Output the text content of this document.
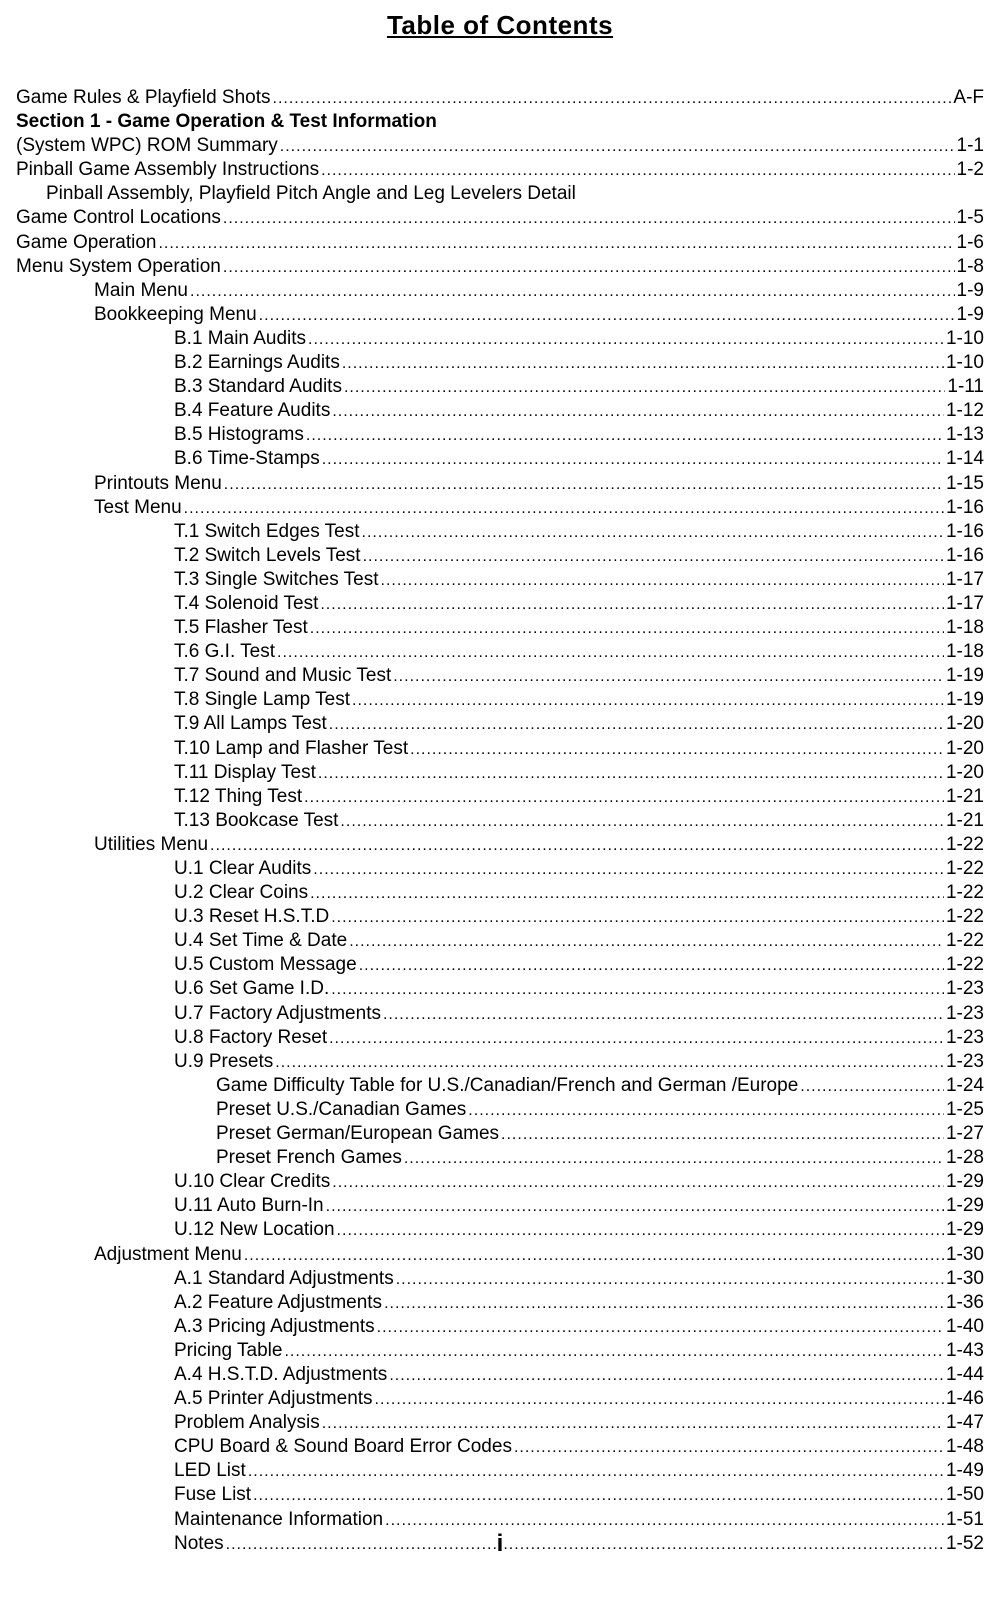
Table of Contents
Game Rules & Playfield Shots .....	A-F
Section 1 - Game Operation & Test Information
(System WPC) ROM Summary .....	1-1
Pinball Game Assembly Instructions .....	1-2
Pinball Assembly, Playfield Pitch Angle and Leg Levelers Detail
Game Control Locations .....	1-5
Game Operation .....	1-6
Menu System Operation .....	1-8
Main Menu .....	1-9
Bookkeeping Menu .....	1-9
B.1 Main Audits .....	1-10
B.2 Earnings Audits .....	1-10
B.3 Standard Audits .....	1-11
B.4 Feature Audits .....	1-12
B.5 Histograms .....	1-13
B.6 Time-Stamps .....	1-14
Printouts Menu .....	1-15
Test Menu .....	1-16
T.1 Switch Edges Test .....	1-16
T.2 Switch Levels Test .....	1-16
T.3 Single Switches Test .....	1-17
T.4 Solenoid Test .....	1-17
T.5 Flasher Test .....	1-18
T.6 G.I. Test .....	1-18
T.7 Sound and Music Test .....	1-19
T.8 Single Lamp Test .....	1-19
T.9 All Lamps Test .....	1-20
T.10 Lamp and Flasher Test .....	1-20
T.11 Display Test .....	1-20
T.12 Thing Test .....	1-21
T.13 Bookcase Test .....	1-21
Utilities Menu .....	1-22
U.1 Clear Audits .....	1-22
U.2 Clear Coins .....	1-22
U.3 Reset H.S.T.D .....	1-22
U.4 Set Time & Date .....	1-22
U.5 Custom Message .....	1-22
U.6 Set Game I.D. .....	1-23
U.7 Factory Adjustments .....	1-23
U.8 Factory Reset .....	1-23
U.9 Presets .....	1-23
Game Difficulty Table for U.S./Canadian/French and German /Europe .....	1-24
Preset U.S./Canadian Games .....	1-25
Preset German/European Games .....	1-27
Preset French Games .....	1-28
U.10 Clear Credits .....	1-29
U.11 Auto Burn-In .....	1-29
U.12 New Location .....	1-29
Adjustment Menu .....	1-30
A.1 Standard Adjustments .....	1-30
A.2 Feature Adjustments .....	1-36
A.3 Pricing Adjustments .....	1-40
Pricing Table .....	1-43
A.4 H.S.T.D. Adjustments .....	1-44
A.5 Printer Adjustments .....	1-46
Problem Analysis .....	1-47
CPU Board & Sound Board Error Codes .....	1-48
LED List .....	1-49
Fuse List .....	1-50
Maintenance Information .....	1-51
Notes .....	1-52
i
